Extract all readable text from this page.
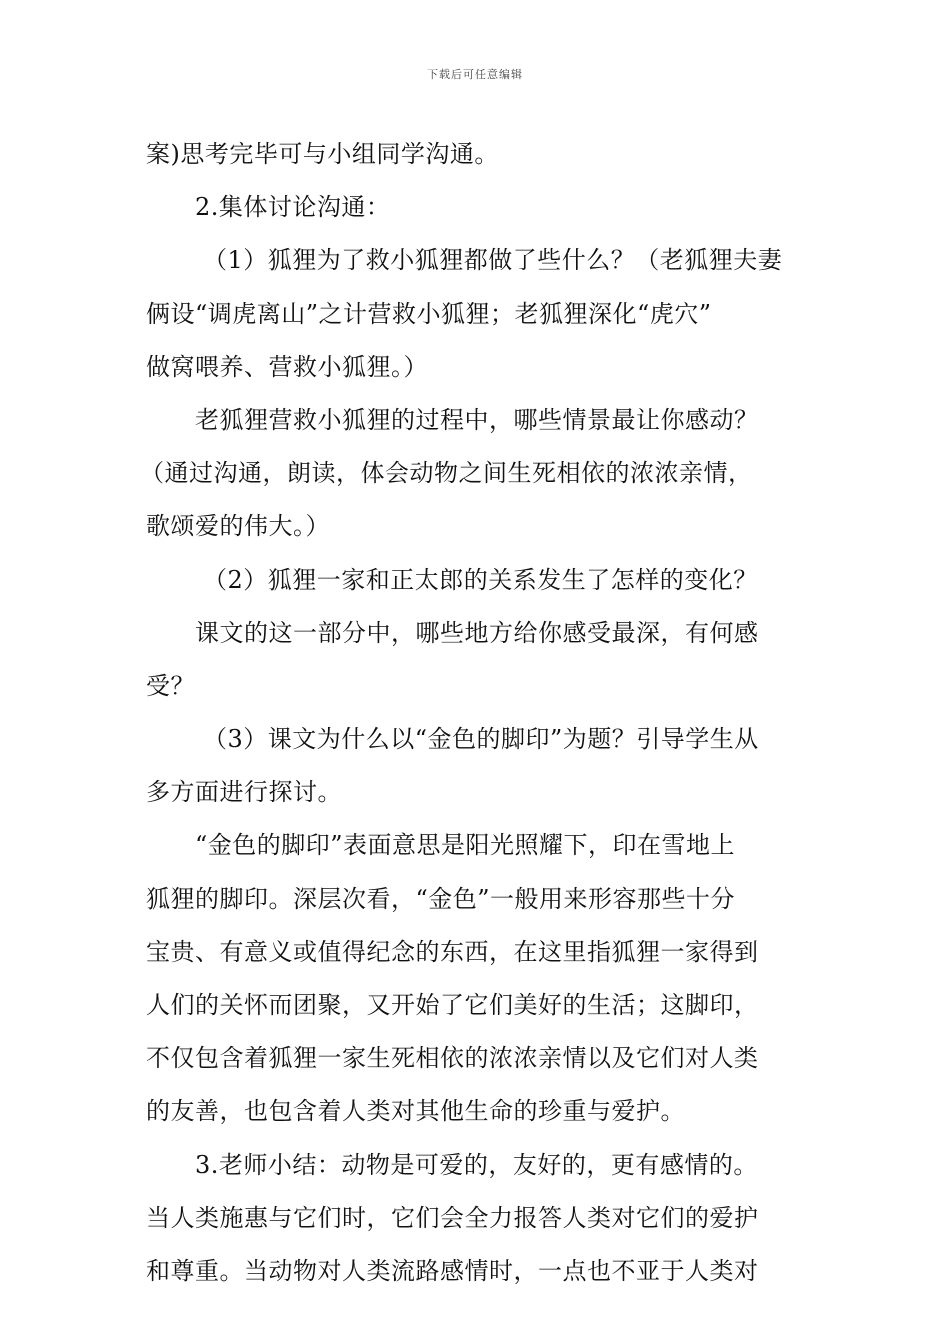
下载后可任意编辑
案)思考完毕可与小组同学沟通。
2.集体讨论沟通：
（1）狐狸为了救小狐狸都做了些什么？（老狐狸夫妻
俩设“调虎离山”之计营救小狐狸；老狐狸深化“虎穴”
做窝喂养、营救小狐狸。）
老狐狸营救小狐狸的过程中，哪些情景最让你感动？
（通过沟通，朗读，体会动物之间生死相依的浓浓亲情，
歌颂爱的伟大。）
（2）狐狸一家和正太郎的关系发生了怎样的变化？
课文的这一部分中，哪些地方给你感受最深，有何感
受？
（3）课文为什么以“金色的脚印”为题？引导学生从
多方面进行探讨。
“金色的脚印”表面意思是阳光照耀下，印在雪地上
狐狸的脚印。深层次看，“金色”一般用来形容那些十分
宝贵、有意义或值得纪念的东西，在这里指狐狸一家得到
人们的关怀而团聚，又开始了它们美好的生活；这脚印，
不仅包含着狐狸一家生死相依的浓浓亲情以及它们对人类
的友善，也包含着人类对其他生命的珍重与爱护。
3.老师小结：动物是可爱的，友好的，更有感情的。
当人类施惠与它们时，它们会全力报答人类对它们的爱护
和尊重。当动物对人类流路感情时，一点也不亚于人类对
